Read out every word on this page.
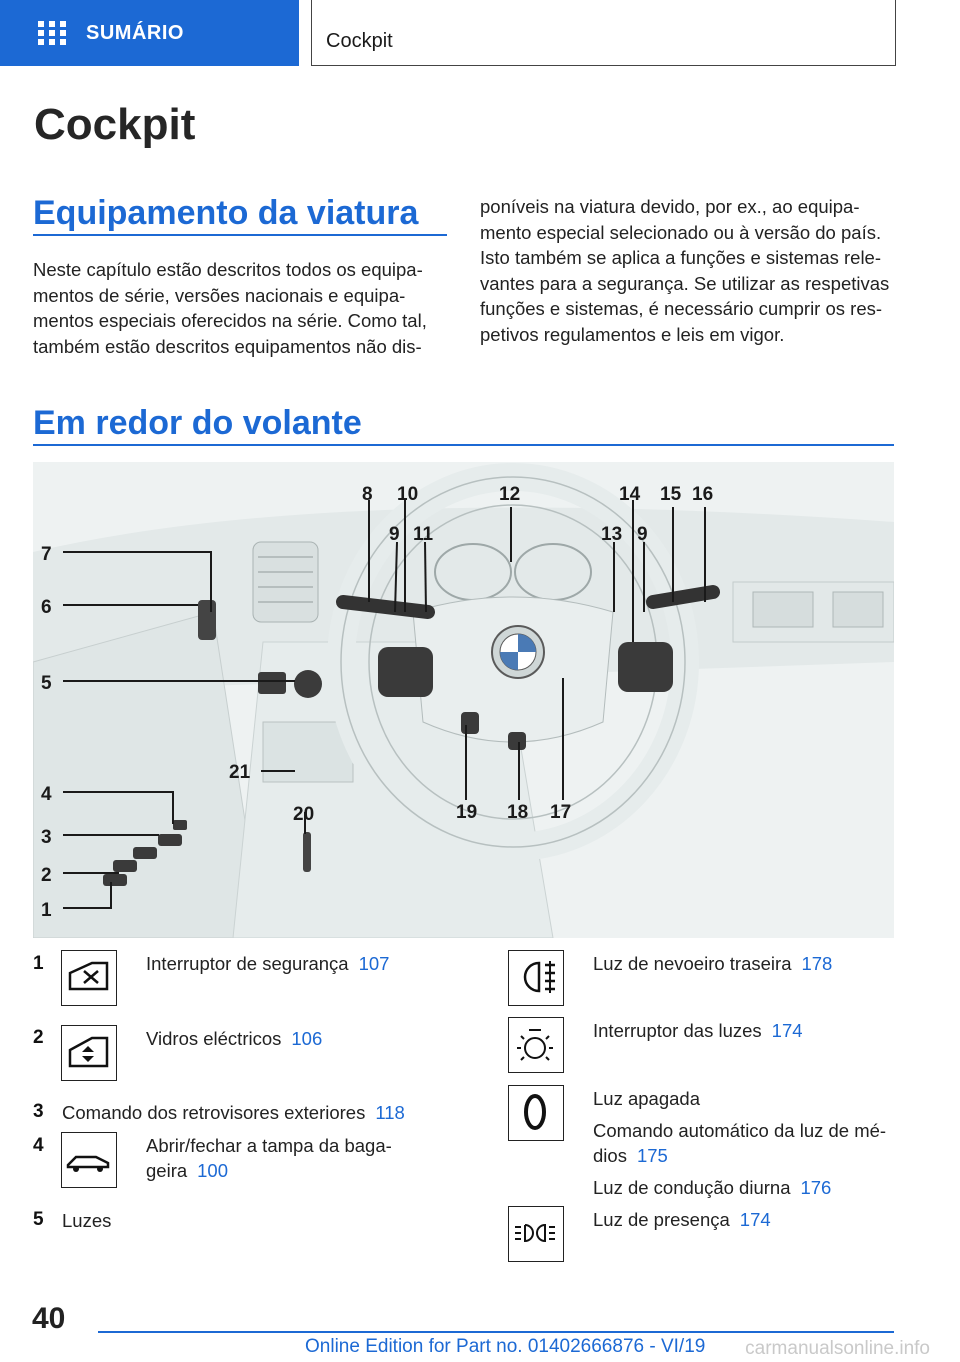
SUMÁRIO	Cockpit
Cockpit
Equipamento da viatura
Neste capítulo estão descritos todos os equipa-
mentos de série, versões nacionais e equipa-
mentos especiais oferecidos na série. Como tal,
também estão descritos equipamentos não dis-
poníveis na viatura devido, por ex., ao equipa-
mento especial selecionado ou à versão do país.
Isto também se aplica a funções e sistemas rele-
vantes para a segurança. Se utilizar as respetivas
funções e sistemas, é necessário cumprir os res-
petivos regulamentos e leis em vigor.
Em redor do volante
7
6
5
4
3
2
1
21
20
8 10
9 11
12
13 9
14 15 16
19 18 17
1	Interruptor de segurança 107
2	Vidros eléctricos 106
3 Comando dos retrovisores exteriores 118
4	Abrir/fechar a tampa da baga-
geira 100
5 Luzes
Luz de nevoeiro traseira 178
Interruptor das luzes 174
Luz apagada
Comando automático da luz de mé-
dios 175
Luz de condução diurna 176
Luz de presença 174
40
Online Edition for Part no. 01402666876 - VI/19 carmanualsonline.info
